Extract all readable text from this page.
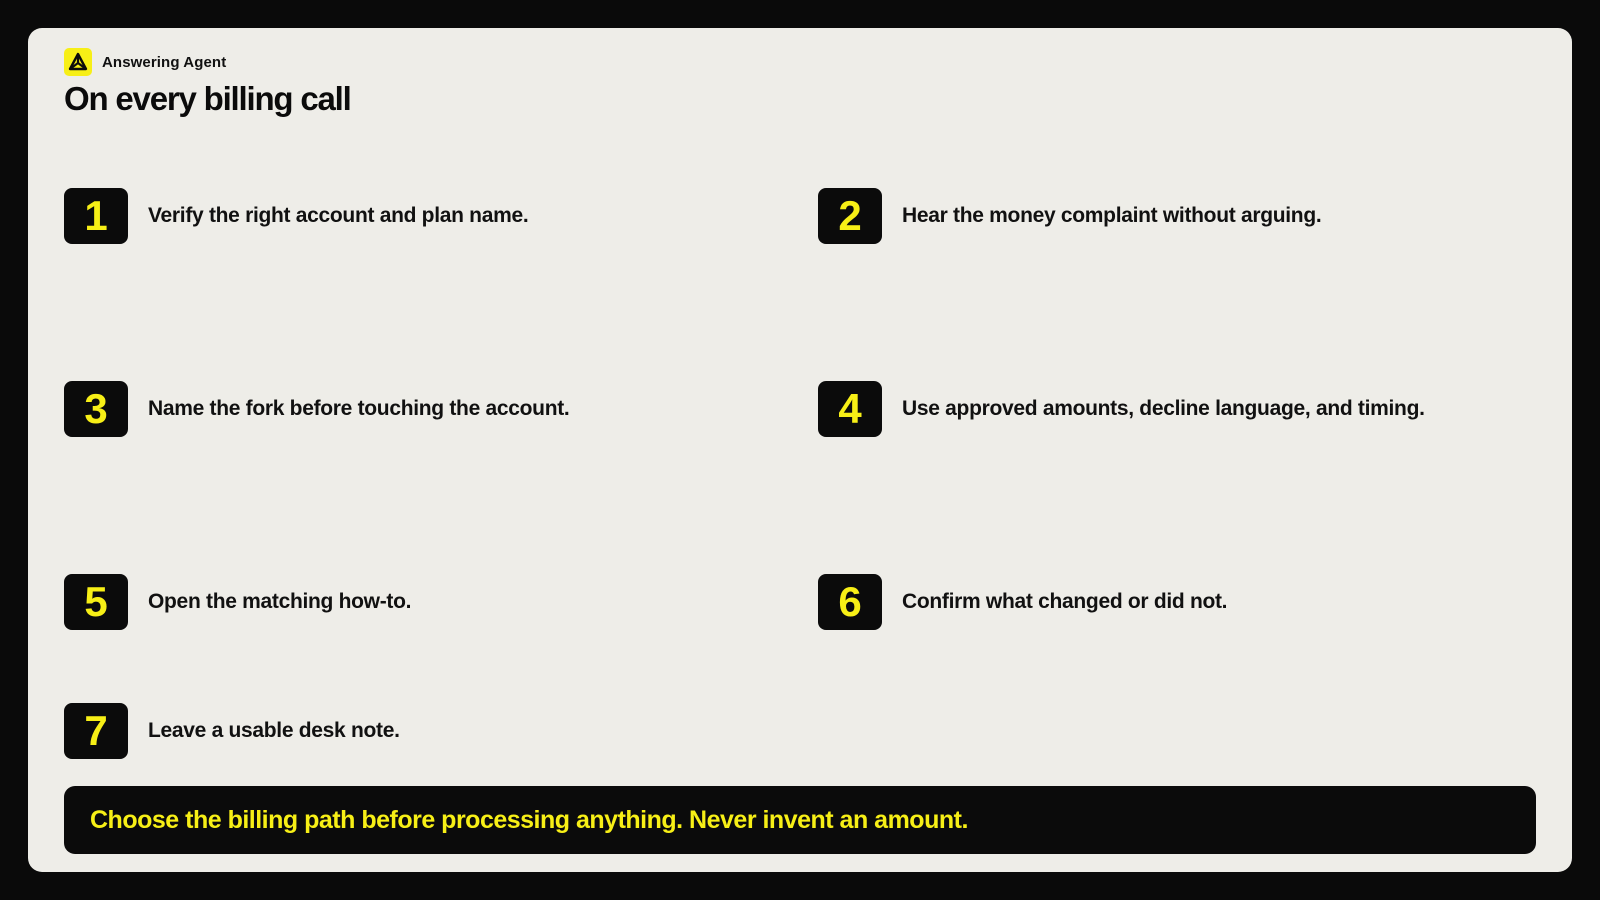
Answering Agent
On every billing call
1	Verify the right account and plan name.	2	Hear the money complaint without arguing.
3	Name the fork before touching the account.	4	Use approved amounts, decline language, and timing.
5	Open the matching how-to.	6	Confirm what changed or did not.
7	Leave a usable desk note.
Choose the billing path before processing anything. Never invent an amount.
